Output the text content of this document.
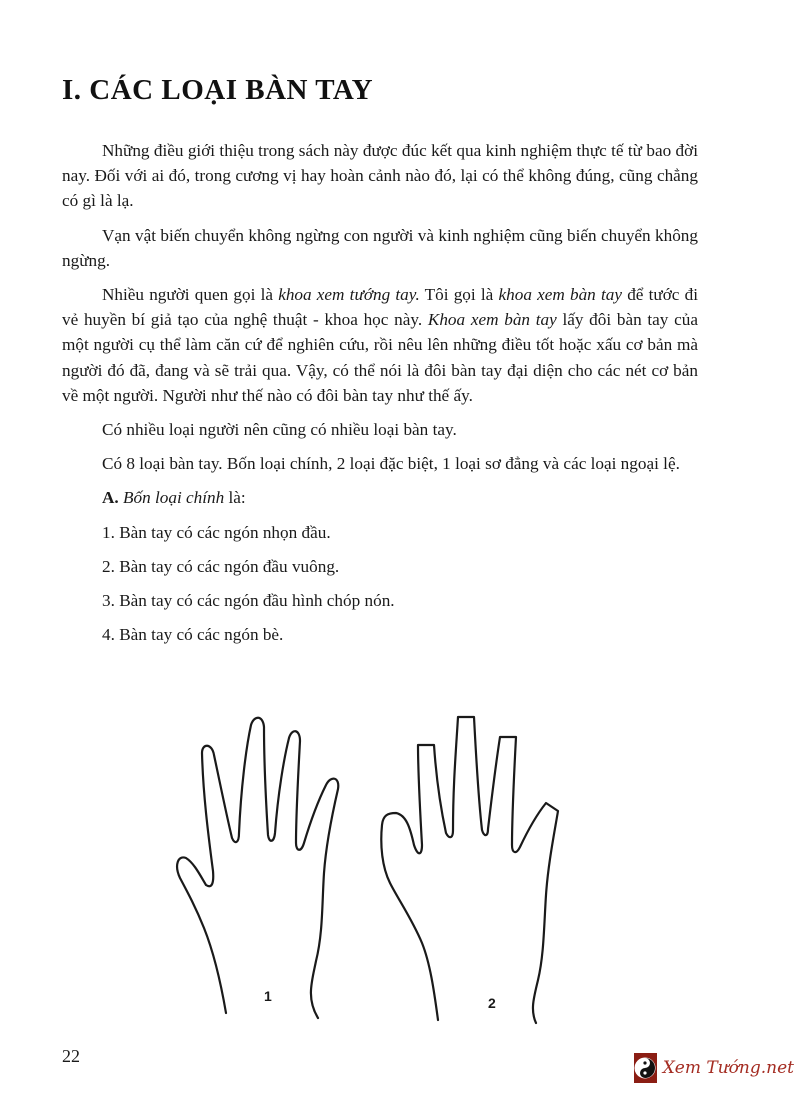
I. CÁC LOẠI BÀN TAY

Những điều giới thiệu trong sách này được đúc kết qua kinh nghiệm thực tế từ bao đời nay. Đối với ai đó, trong cương vị hay hoàn cảnh nào đó, lại có thể không đúng, cũng chẳng có gì là lạ.

Vạn vật biến chuyển không ngừng con người và kinh nghiệm cũng biến chuyển không ngừng.

Nhiều người quen gọi là khoa xem tướng tay. Tôi gọi là khoa xem bàn tay để tước đi vẻ huyền bí giả tạo của nghệ thuật - khoa học này. Khoa xem bàn tay lấy đôi bàn tay của một người cụ thể làm căn cứ để nghiên cứu, rồi nêu lên những điều tốt hoặc xấu cơ bản mà người đó đã, đang và sẽ trải qua. Vậy, có thể nói là đôi bàn tay đại diện cho các nét cơ bản về một người. Người như thế nào có đôi bàn tay như thế ấy.

Có nhiều loại người nên cũng có nhiều loại bàn tay.

Có 8 loại bàn tay. Bốn loại chính, 2 loại đặc biệt, 1 loại sơ đẳng và các loại ngoại lệ.

A. Bốn loại chính là:

1. Bàn tay có các ngón nhọn đầu.
2. Bàn tay có các ngón đầu vuông.
3. Bàn tay có các ngón đầu hình chóp nón.
4. Bàn tay có các ngón bè.
1	2
22
Xem Tướng.net
